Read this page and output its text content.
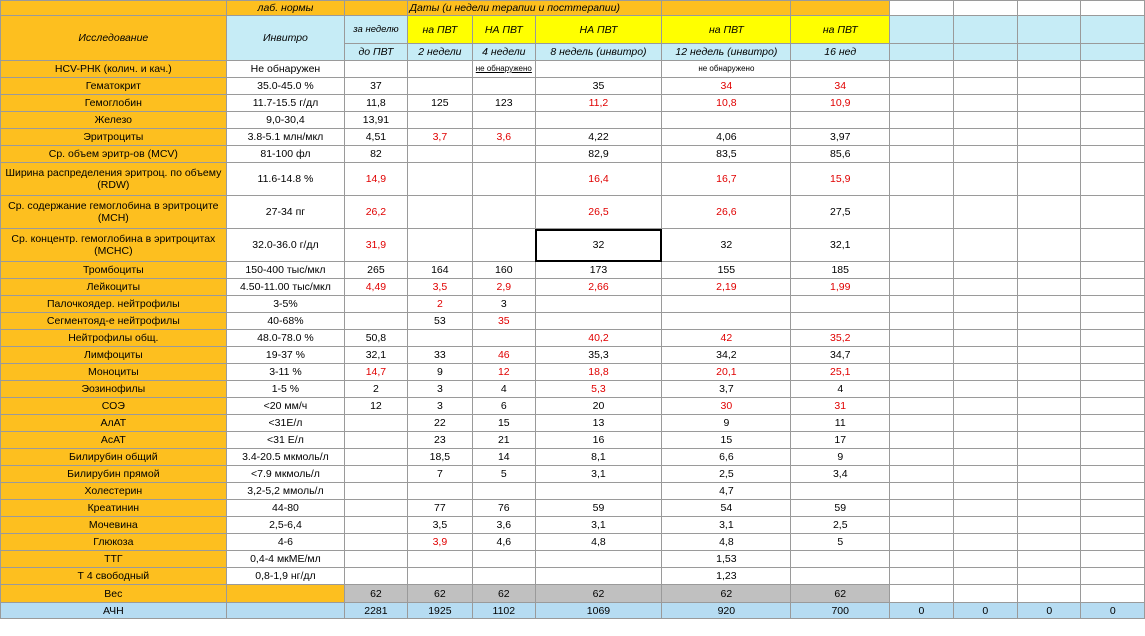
	лаб. нормы		Даты (и недели терапии и посттерапии)								
Исследование	Инвитро	за неделю	на ПВТ	НА ПВТ	НА ПВТ	на ПВТ	на ПВТ				
		до ПВТ	2 недели	4 недели	8 недель (инвитро)	12 недель (инвитро)	16 нед				
HCV-РНК (колич. и кач.)	Не обнаружен			не обнаружено		не обнаружено					
Гематокрит	35.0-45.0 %	37			35	34	34				
Гемоглобин	11.7-15.5 г/дл	11,8	125	123	11,2	10,8	10,9				
Железо	9,0-30,4	13,91									
Эритроциты	3.8-5.1 млн/мкл	4,51	3,7	3,6	4,22	4,06	3,97				
Ср. объем эритр-ов (MCV)	81-100 фл	82			82,9	83,5	85,6				
Ширина распределения эритроц. по объему (RDW)	11.6-14.8 %	14,9			16,4	16,7	15,9				
Ср. содержание гемоглобина в эритроците (MCH)	27-34 пг	26,2			26,5	26,6	27,5				
Ср. концентр. гемоглобина в эритроцитах (MCHC)	32.0-36.0 г/дл	31,9			32	32	32,1				
Тромбоциты	150-400 тыс/мкл	265	164	160	173	155	185				
Лейкоциты	4.50-11.00 тыс/мкл	4,49	3,5	2,9	2,66	2,19	1,99				
Палочкоядер. нейтрофилы	3-5%		2	3							
Сегментояд-е нейтрофилы	40-68%		53	35							
Нейтрофилы общ.	48.0-78.0 %	50,8			40,2	42	35,2				
Лимфоциты	19-37 %	32,1	33	46	35,3	34,2	34,7				
Моноциты	3-11 %	14,7	9	12	18,8	20,1	25,1				
Эозинофилы	1-5 %	2	3	4	5,3	3,7	4				
СОЭ	<20 мм/ч	12	3	6	20	30	31				
АлАТ	<31Е/л		22	15	13	9	11				
АсАТ	<31 Е/л		23	21	16	15	17				
Билирубин общий	3.4-20.5 мкмоль/л		18,5	14	8,1	6,6	9				
Билирубин прямой	<7.9 мкмоль/л		7	5	3,1	2,5	3,4				
Холестерин	3,2-5,2 ммоль/л					4,7					
Креатинин	44-80		77	76	59	54	59				
Мочевина	2,5-6,4		3,5	3,6	3,1	3,1	2,5				
Глюкоза	4-6		3,9	4,6	4,8	4,8	5				
ТТГ	0,4-4 мкМЕ/мл					1,53					
Т 4 свободный	0,8-1,9 нг/дл					1,23					
Вес		62	62	62	62	62	62				
АЧН		2281	1925	1102	1069	920	700	0	0	0	0
